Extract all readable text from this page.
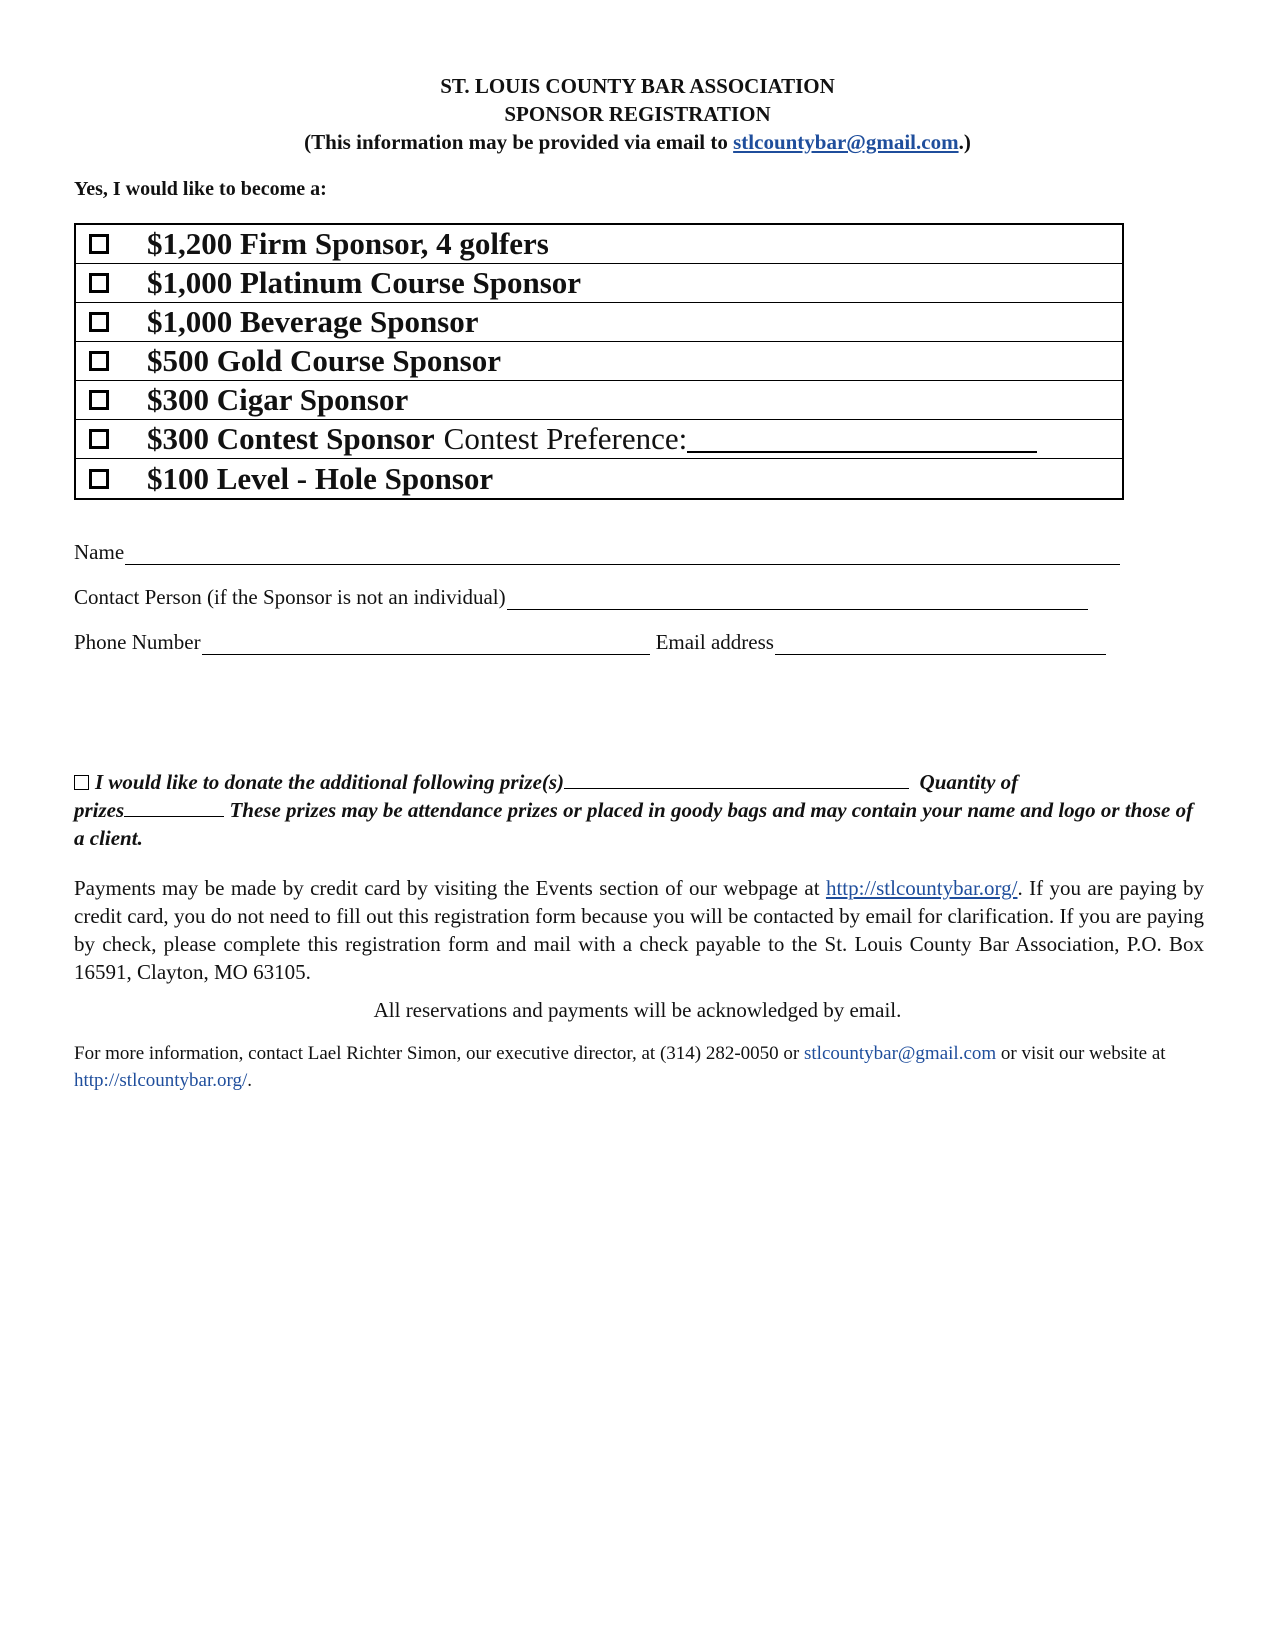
ST. LOUIS COUNTY BAR ASSOCIATION
SPONSOR REGISTRATION
(This information may be provided via email to stlcountybar@gmail.com.)
Yes, I would like to become a:
$1,200 Firm Sponsor, 4 golfers
$1,000 Platinum Course Sponsor
$1,000 Beverage Sponsor
$500 Gold Course Sponsor
$300 Cigar Sponsor
$300 Contest Sponsor Contest Preference:
$100 Level - Hole Sponsor
Name
Contact Person (if the Sponsor is not an individual)
Phone Number	Email address
I would like to donate the additional following prize(s)	Quantity of
prizes	These prizes may be attendance prizes or placed in goody bags and may contain your name and logo or those of a client.
Payments may be made by credit card by visiting the Events section of our webpage at http://stlcountybar.org/. If you are paying by credit card, you do not need to fill out this registration form because you will be contacted by email for clarification. If you are paying by check, please complete this registration form and mail with a check payable to the St. Louis County Bar Association, P.O. Box 16591, Clayton, MO 63105.
All reservations and payments will be acknowledged by email.
For more information, contact Lael Richter Simon, our executive director, at (314) 282-0050 or stlcountybar@gmail.com or visit our website at http://stlcountybar.org/.
